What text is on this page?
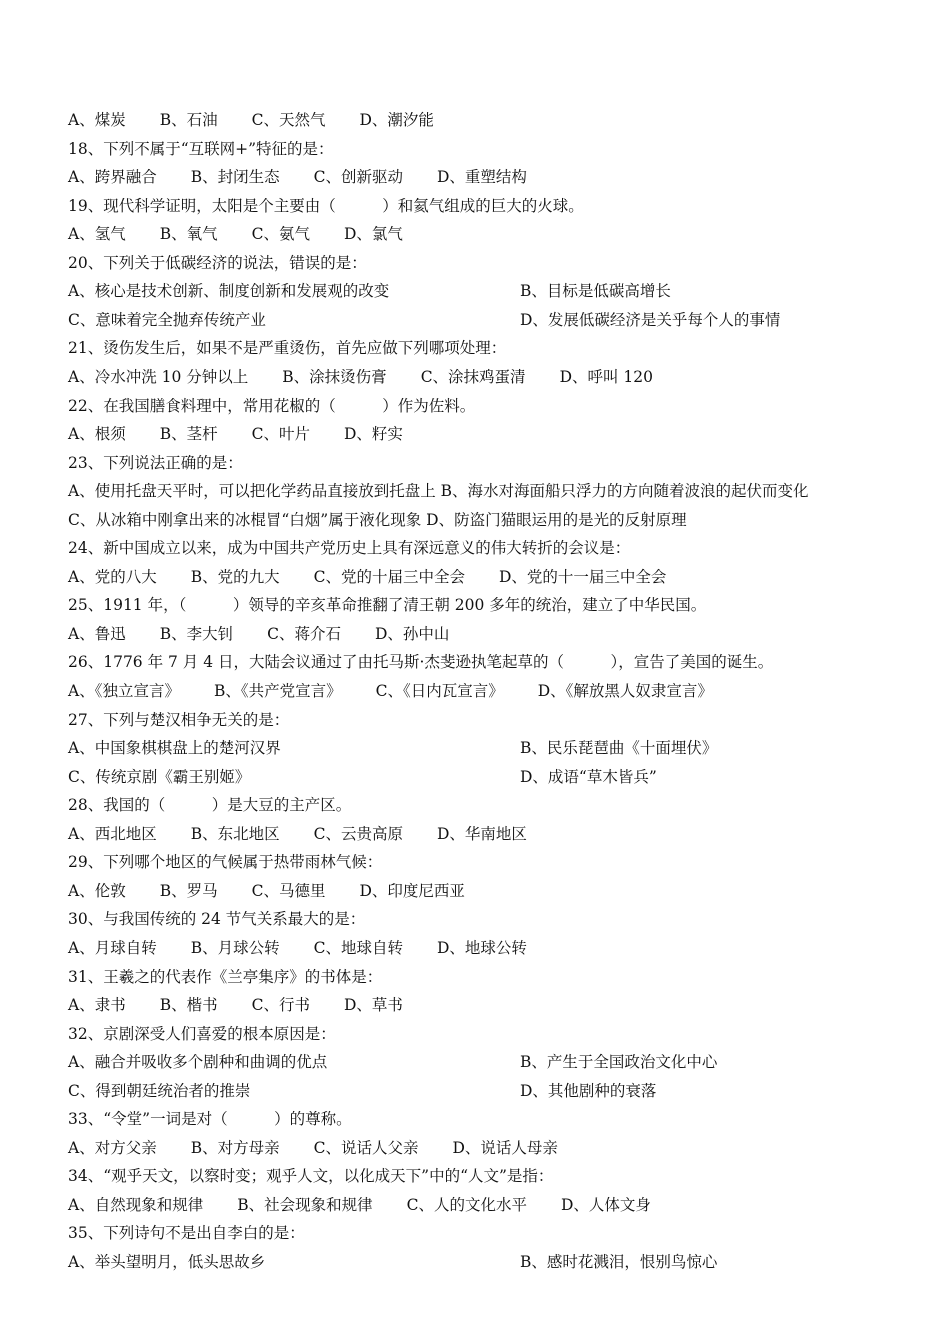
A、煤炭 B、石油 C、天然气 D、潮汐能
18、下列不属于“互联网+”特征的是：
A、跨界融合 B、封闭生态 C、创新驱动 D、重塑结构
19、现代科学证明，太阳是个主要由（　　　）和氦气组成的巨大的火球。
A、氢气 B、氧气 C、氨气 D、氯气
20、下列关于低碳经济的说法，错误的是：
A、核心是技术创新、制度创新和发展观的改变	B、目标是低碳高增长
C、意味着完全抛弃传统产业	D、发展低碳经济是关乎每个人的事情
21、烫伤发生后，如果不是严重烫伤，首先应做下列哪项处理：
A、冷水冲洗 10 分钟以上 B、涂抹烫伤膏 C、涂抹鸡蛋清 D、呼叫 120
22、在我国膳食料理中，常用花椒的（　　　）作为佐料。
A、根须 B、茎杆 C、叶片 D、籽实
23、下列说法正确的是：
A、使用托盘天平时，可以把化学药品直接放到托盘上 B、海水对海面船只浮力的方向随着波浪的起伏而变化
C、从冰箱中刚拿出来的冰棍冒“白烟”属于液化现象 D、防盗门猫眼运用的是光的反射原理
24、新中国成立以来，成为中国共产党历史上具有深远意义的伟大转折的会议是：
A、党的八大 B、党的九大 C、党的十届三中全会 D、党的十一届三中全会
25、1911 年，（　　　）领导的辛亥革命推翻了清王朝 200 多年的统治，建立了中华民国。
A、鲁迅 B、李大钊 C、蒋介石 D、孙中山
26、1776 年 7 月 4 日，大陆会议通过了由托马斯·杰斐逊执笔起草的（　　　），宣告了美国的诞生。
A、《独立宣言》 B、《共产党宣言》 C、《日内瓦宣言》 D、《解放黑人奴隶宣言》
27、下列与楚汉相争无关的是：
A、中国象棋棋盘上的楚河汉界	B、民乐琵琶曲《十面埋伏》
C、传统京剧《霸王别姬》	D、成语“草木皆兵”
28、我国的（　　　）是大豆的主产区。
A、西北地区 B、东北地区 C、云贵高原 D、华南地区
29、下列哪个地区的气候属于热带雨林气候：
A、伦敦 B、罗马 C、马德里 D、印度尼西亚
30、与我国传统的 24 节气关系最大的是：
A、月球自转 B、月球公转 C、地球自转 D、地球公转
31、王羲之的代表作《兰亭集序》的书体是：
A、隶书 B、楷书 C、行书 D、草书
32、京剧深受人们喜爱的根本原因是：
A、融合并吸收多个剧种和曲调的优点	B、产生于全国政治文化中心
C、得到朝廷统治者的推崇	D、其他剧种的衰落
33、“令堂”一词是对（　　　）的尊称。
A、对方父亲 B、对方母亲 C、说话人父亲 D、说话人母亲
34、“观乎天文，以察时变；观乎人文，以化成天下”中的“人文”是指：
A、自然现象和规律 B、社会现象和规律 C、人的文化水平 D、人体文身
35、下列诗句不是出自李白的是：
A、举头望明月，低头思故乡	B、感时花溅泪，恨别鸟惊心
